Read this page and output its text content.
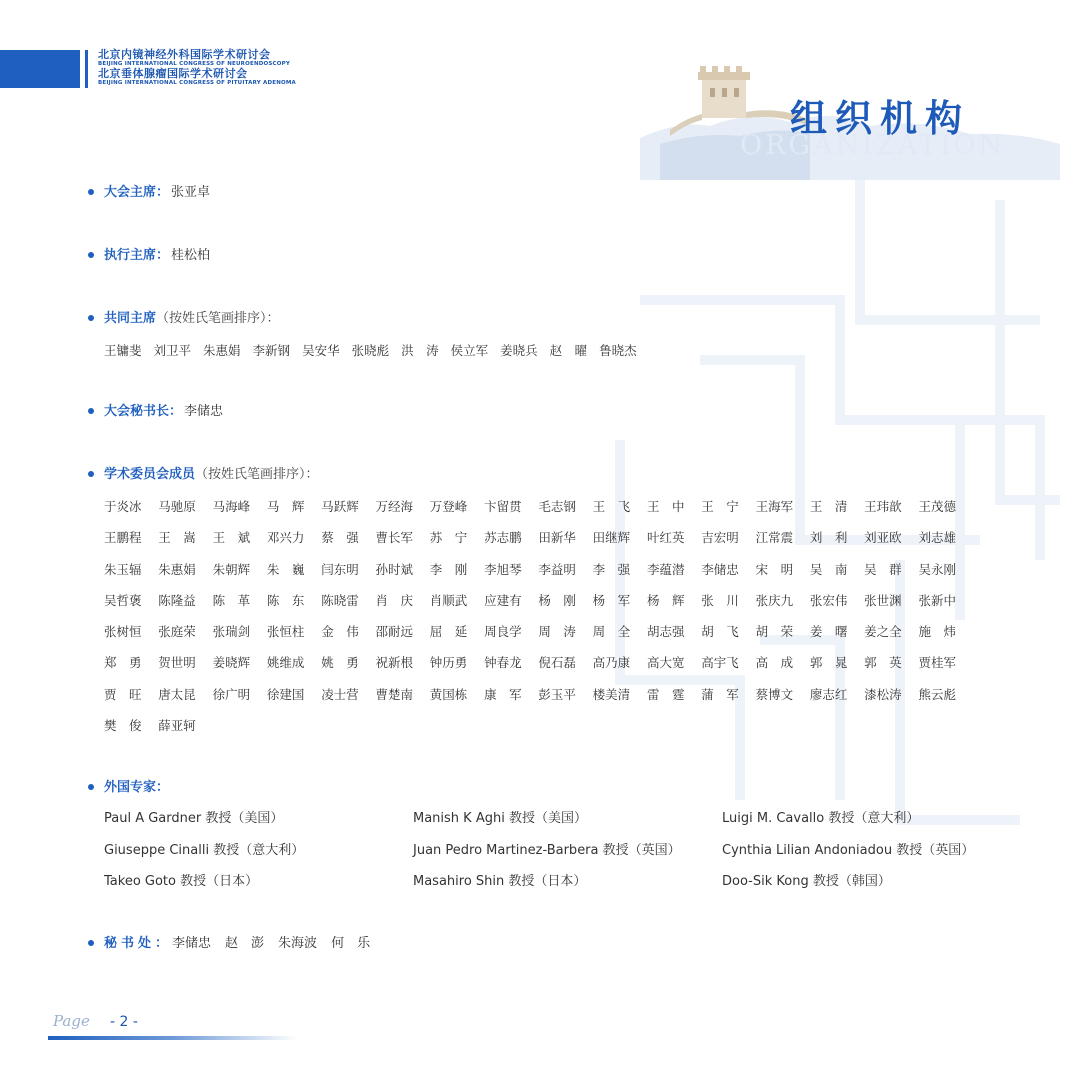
北京内镜神经外科国际学术研讨会
BEIJING INTERNATIONAL CONGRESS OF NEUROENDOSCOPY
北京垂体腺瘤国际学术研讨会
BEIJING INTERNATIONAL CONGRESS OF PITUITARY ADENOMA
ORGANIZATION
组织机构
大会主席： 张亚卓
执行主席： 桂松柏
共同主席（按姓氏笔画排序）：
王镛斐 刘卫平 朱惠娟 李新钢 吴安华 张晓彪 洪　涛 侯立军 姜晓兵 赵　曜 鲁晓杰
大会秘书长： 李储忠
学术委员会成员（按姓氏笔画排序）：
于炎冰 马驰原 马海峰 马　辉 马跃辉 万经海 万登峰 卞留贯 毛志钢 王　飞 王　中 王　宁 王海军 王　清 王玮歆 王茂德
王鹏程 王　嵩 王　斌 邓兴力 蔡　强 曹长军 苏　宁 苏志鹏 田新华 田继辉 叶红英 吉宏明 江常震 刘　利 刘亚欧 刘志雄
朱玉辐 朱惠娟 朱朝辉 朱　巍 闫东明 孙时斌 李　刚 李旭琴 李益明 李　强 李蕴潜 李储忠 宋　明 吴　南 吴　群 吴永刚
吴哲褒 陈隆益 陈　革 陈　东 陈晓雷 肖　庆 肖顺武 应建有 杨　刚 杨　军 杨　辉 张　川 张庆九 张宏伟 张世渊 张新中
张树恒 张庭荣 张瑞剑 张恒柱 金　伟 邵耐远 屈　延 周良学 周　涛 周　全 胡志强 胡　飞 胡　荣 姜　曙 姜之全 施　炜
郑　勇 贺世明 姜晓辉 姚维成 姚　勇 祝新根 钟历勇 钟春龙 倪石磊 高乃康 高大宽 高宇飞 高　成 郭　晁 郭　英 贾桂军
贾　旺 唐太昆 徐广明 徐建国 凌士营 曹楚南 黄国栋 康　军 彭玉平 楼美清 雷　霆 蒲　军 蔡博文 廖志红 漆松涛 熊云彪
樊　俊 薛亚轲
外国专家：
Paul A Gardner 教授（美国）	Manish K Aghi 教授（美国）	Luigi M. Cavallo 教授（意大利）
Giuseppe Cinalli 教授（意大利）	Juan Pedro Martinez-Barbera 教授（英国）	Cynthia Lilian Andoniadou 教授（英国）
Takeo Goto 教授（日本）	Masahiro Shin 教授（日本）	Doo-Sik Kong 教授（韩国）
秘书处：李储忠 赵　澎 朱海波 何　乐
Page - 2 -
